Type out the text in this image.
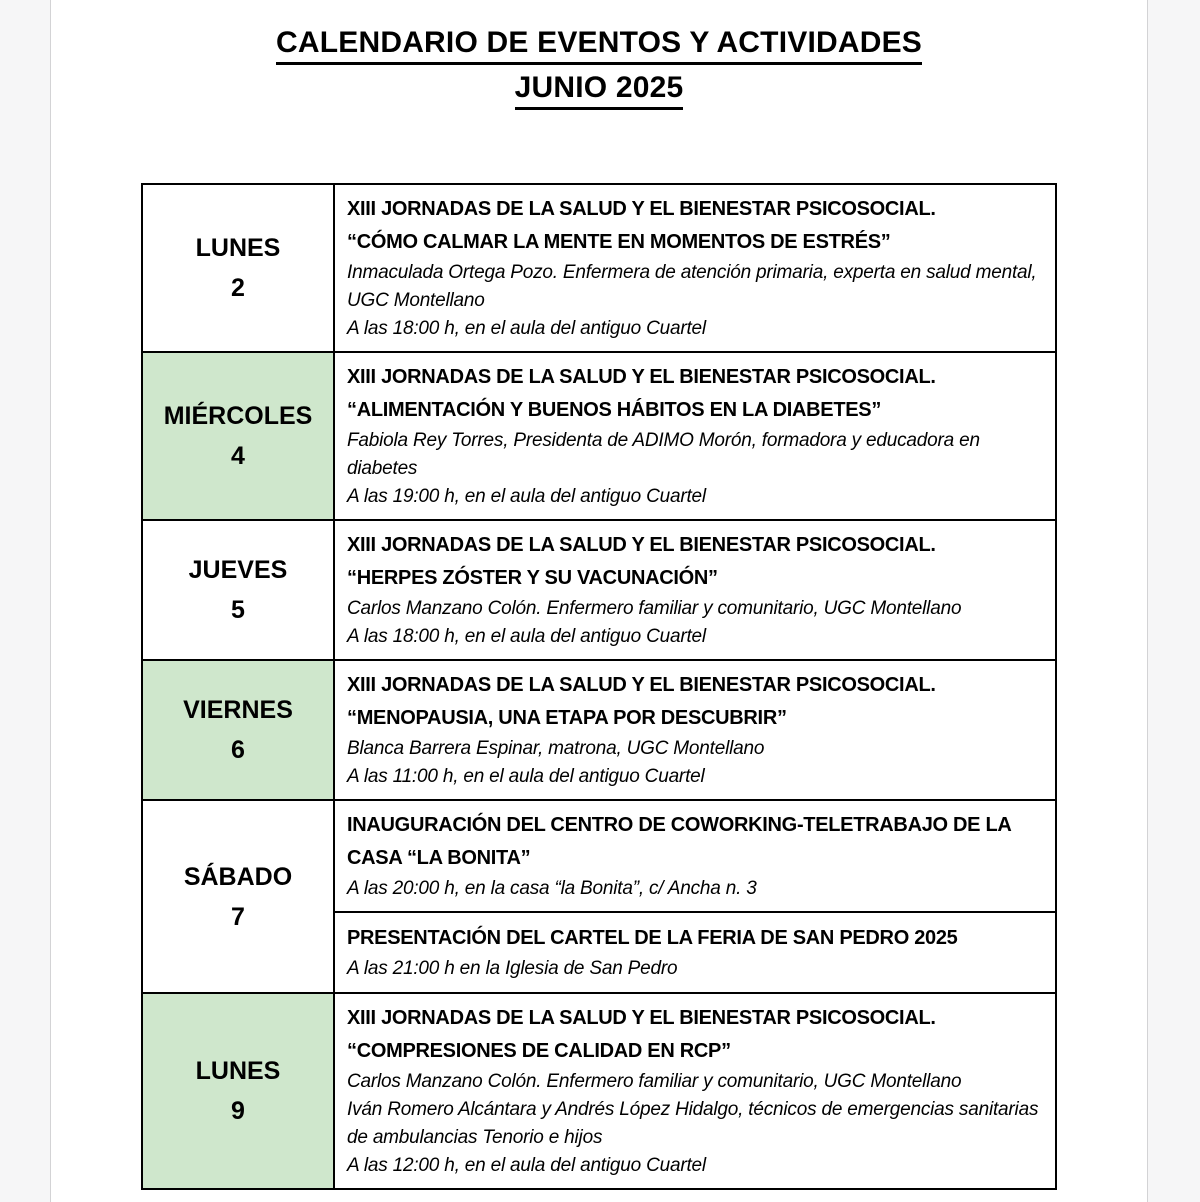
CALENDARIO DE EVENTOS Y ACTIVIDADES
JUNIO 2025
LUNES
2

XIII JORNADAS DE LA SALUD Y EL BIENESTAR PSICOSOCIAL.
“CÓMO CALMAR LA MENTE EN MOMENTOS DE ESTRÉS”
Inmaculada Ortega Pozo. Enfermera de atención primaria, experta en salud mental, UGC Montellano
A las 18:00 h, en el aula del antiguo Cuartel

MIÉRCOLES
4

XIII JORNADAS DE LA SALUD Y EL BIENESTAR PSICOSOCIAL.
“ALIMENTACIÓN Y BUENOS HÁBITOS EN LA DIABETES”
Fabiola Rey Torres, Presidenta de ADIMO Morón, formadora y educadora en diabetes
A las 19:00 h, en el aula del antiguo Cuartel

JUEVES
5

XIII JORNADAS DE LA SALUD Y EL BIENESTAR PSICOSOCIAL.
“HERPES ZÓSTER Y SU VACUNACIÓN”
Carlos Manzano Colón. Enfermero familiar y comunitario, UGC Montellano
A las 18:00 h, en el aula del antiguo Cuartel

VIERNES
6

XIII JORNADAS DE LA SALUD Y EL BIENESTAR PSICOSOCIAL.
“MENOPAUSIA, UNA ETAPA POR DESCUBRIR”
Blanca Barrera Espinar, matrona, UGC Montellano
A las 11:00 h, en el aula del antiguo Cuartel

SÁBADO
7

INAUGURACIÓN DEL CENTRO DE COWORKING-TELETRABAJO DE LA CASA “LA BONITA”
A las 20:00 h, en la casa “la Bonita”, c/ Ancha n. 3

	PRESENTACIÓN DEL CARTEL DE LA FERIA DE SAN PEDRO 2025
A las 21:00 h en la Iglesia de San Pedro

LUNES
9

XIII JORNADAS DE LA SALUD Y EL BIENESTAR PSICOSOCIAL.
“COMPRESIONES DE CALIDAD EN RCP”
Carlos Manzano Colón. Enfermero familiar y comunitario, UGC Montellano
Iván Romero Alcántara y Andrés López Hidalgo, técnicos de emergencias sanitarias de ambulancias Tenorio e hijos
A las 12:00 h, en el aula del antiguo Cuartel
